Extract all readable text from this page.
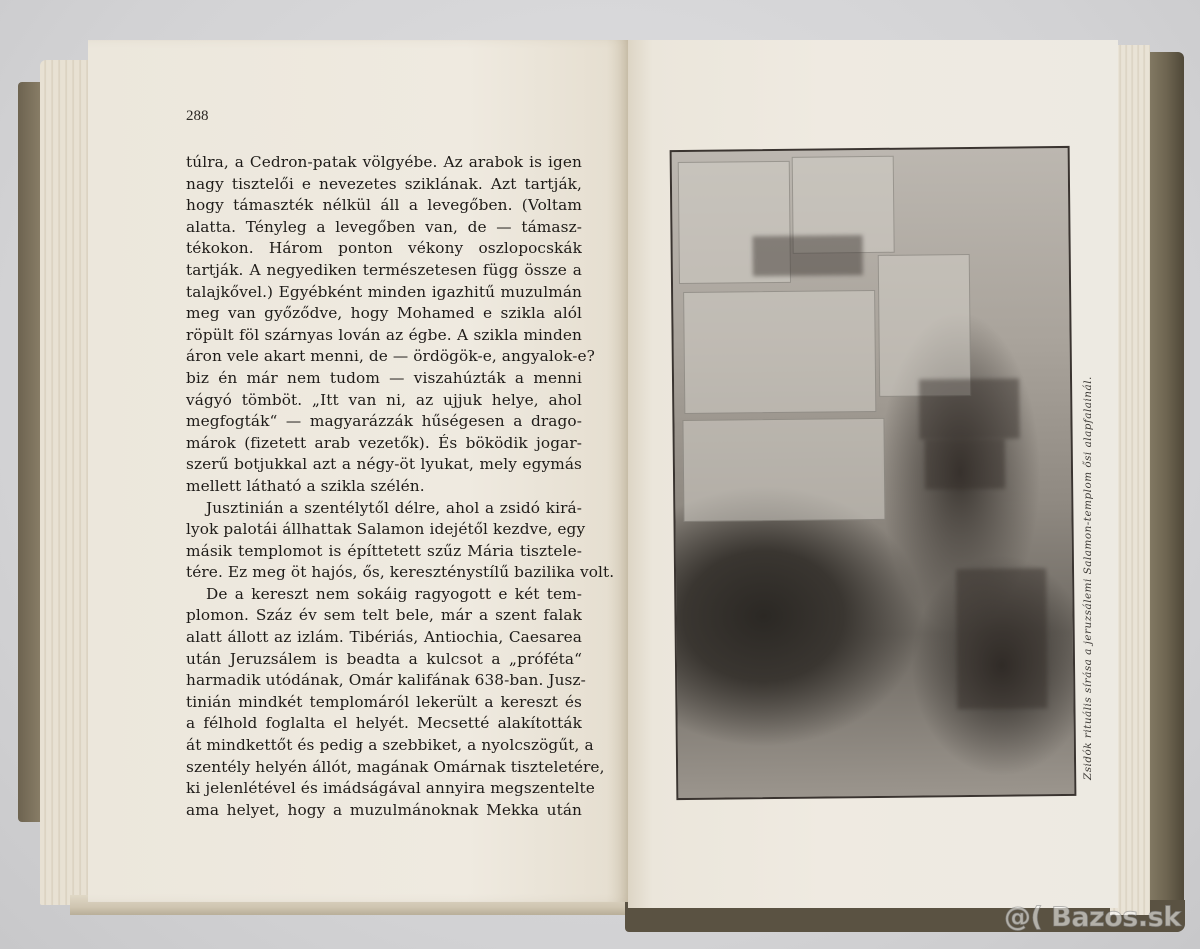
288
túlra, a Cedron-patak völgyébe. Az arabok is igen
nagy tisztelői e nevezetes sziklának. Azt tartják,
hogy támaszték nélkül áll a levegőben. (Voltam
alatta. Tényleg a levegőben van, de — támasz-
tékokon. Három ponton vékony oszlopocskák
tartják. A negyediken természetesen függ össze a
talajkővel.) Egyébként minden igazhitű muzulmán
meg van győződve, hogy Mohamed e szikla alól
röpült föl szárnyas lován az égbe. A szikla minden
áron vele akart menni, de — ördögök-e, angyalok-e?
biz én már nem tudom — viszahúzták a menni
vágyó tömböt. „Itt van ni, az ujjuk helye, ahol
megfogták“ — magyarázzák hűségesen a drago-
márok (fizetett arab vezetők). És böködik jogar-
szerű botjukkal azt a négy-öt lyukat, mely egymás
mellett látható a szikla szélén.
Jusztinián a szentélytől délre, ahol a zsidó kirá-
lyok palotái állhattak Salamon idejétől kezdve, egy
másik templomot is építtetett szűz Mária tisztele-
tére. Ez meg öt hajós, ős, kereszténystílű bazilika volt.
De a kereszt nem sokáig ragyogott e két tem-
plomon. Száz év sem telt bele, már a szent falak
alatt állott az izlám. Tibériás, Antiochia, Caesarea
után Jeruzsálem is beadta a kulcsot a „próféta“
harmadik utódának, Omár kalifának 638-ban. Jusz-
tinián mindkét templomáról lekerült a kereszt és
a félhold foglalta el helyét. Mecsetté alakították
át mindkettőt és pedig a szebbiket, a nyolcszögűt, a
szentély helyén állót, magának Omárnak tiszteletére,
ki jelenlétével és imádságával annyira megszentelte
ama helyet, hogy a muzulmánoknak Mekka után
Zsidók rituális sírása a jeruzsálemi Salamon-templom ősi alapfalainál.
@( Bazos.sk
